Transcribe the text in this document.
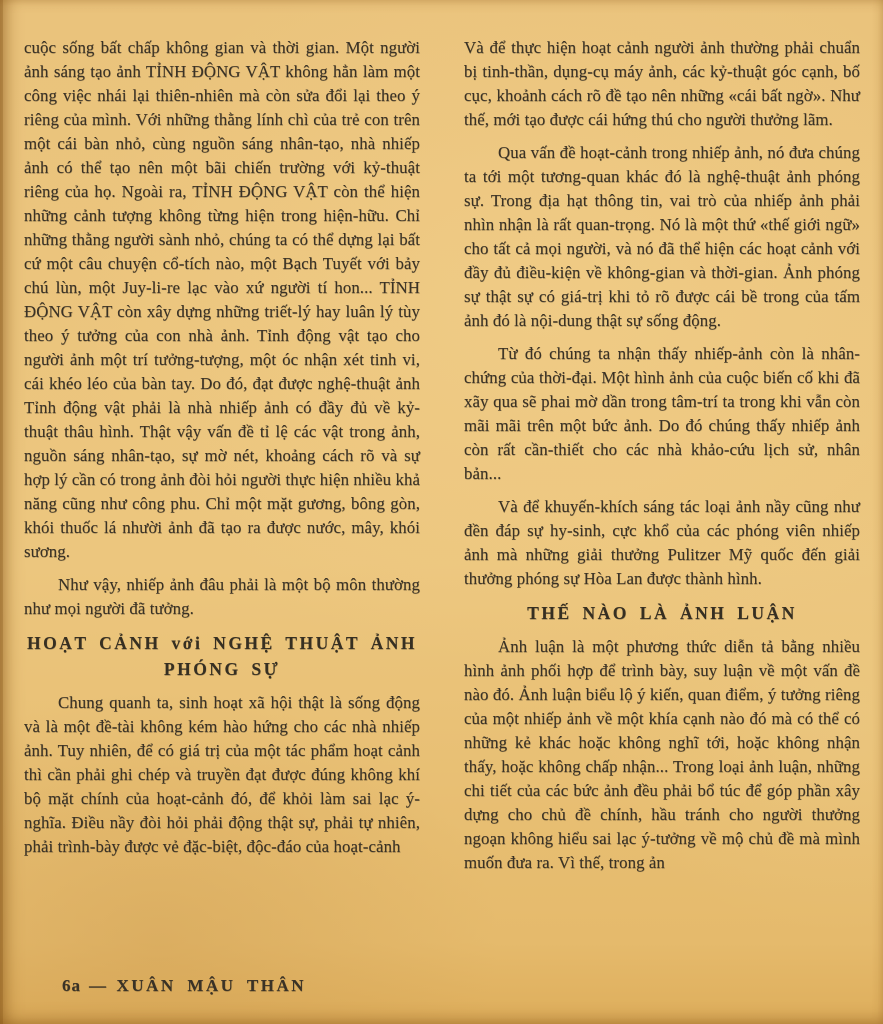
cuộc sống bất chấp không gian và thời gian. Một người ảnh sáng tạo ảnh TỈNH ĐỘNG VẬT không hẳn làm một công việc nhái lại thiên-nhiên mà còn sửa đổi lại theo ý riêng của mình. Với những thằng lính chì của trẻ con trên một cái bàn nhỏ, cùng nguồn sáng nhân-tạo, nhà nhiếp ảnh có thể tạo nên một bãi chiến trường với kỷ-thuật riêng của họ. Ngoài ra, TỈNH ĐỘNG VẬT còn thể hiện những cảnh tượng không từng hiện trong hiện-hữu. Chỉ những thằng người sành nhỏ, chúng ta có thể dựng lại bất cứ một câu chuyện cổ-tích nào, một Bạch Tuyết với bảy chú lùn, một Juy-li-re lạc vào xứ người tí hon... TỈNH ĐỘNG VẬT còn xây dựng những triết-lý hay luân lý tùy theo ý tưởng của con nhà ảnh. Tỉnh động vật tạo cho người ảnh một trí tưởng-tượng, một óc nhận xét tinh vi, cái khéo léo của bàn tay. Do đó, đạt được nghệ-thuật ảnh Tỉnh động vật phải là nhà nhiếp ảnh có đầy đủ về kỷ-thuật thâu hình. Thật vậy vấn đề tỉ lệ các vật trong ảnh, nguồn sáng nhân-tạo, sự mờ nét, khoảng cách rõ và sự hợp lý cần có trong ảnh đòi hỏi người thực hiện nhiều khả năng cũng như công phu. Chỉ một mặt gương, bông gòn, khói thuốc lá nhười ảnh đã tạo ra được nước, mây, khói sương.

Như vậy, nhiếp ảnh đâu phải là một bộ môn thường như mọi người đã tưởng.

HOẠT CẢNH với NGHỆ THUẬT ẢNH PHÓNG SỰ

Chung quanh ta, sinh hoạt xã hội thật là sống động và là một đề-tài không kém hào hứng cho các nhà nhiếp ảnh. Tuy nhiên, để có giá trị của một tác phẩm hoạt cảnh thì cần phải ghi chép và truyền đạt được đúng không khí bộ mặt chính của hoạt-cảnh đó, để khỏi làm sai lạc ý-nghĩa. Điều nầy đòi hỏi phải động thật sự, phải tự nhiên, phải trình-bày được vẻ đặc-biệt, độc-đáo của hoạt-cảnh

Và để thực hiện hoạt cảnh người ảnh thường phải chuẩn bị tinh-thần, dụng-cụ máy ảnh, các kỷ-thuật góc cạnh, bố cục, khoảnh cách rõ đề tạo nên những «cái bất ngờ». Như thế, mới tạo được cái hứng thú cho người thưởng lãm.

Qua vấn đề hoạt-cảnh trong nhiếp ảnh, nó đưa chúng ta tới một tương-quan khác đó là nghệ-thuật ảnh phóng sự. Trong địa hạt thông tin, vai trò của nhiếp ảnh phải nhìn nhận là rất quan-trọng. Nó là một thứ «thế giới ngữ» cho tất cả mọi người, và nó đã thể hiện các hoạt cảnh với đầy đủ điều-kiện về không-gian và thời-gian. Ảnh phóng sự thật sự có giá-trị khi tỏ rõ được cái bề trong của tấm ảnh đó là nội-dung thật sự sống động.

Từ đó chúng ta nhận thấy nhiếp-ảnh còn là nhân-chứng của thời-đại. Một hình ảnh của cuộc biến cố khi đã xãy qua sẽ phai mờ dần trong tâm-trí ta trong khi vẫn còn mãi mãi trên một bức ảnh. Do đó chúng thấy nhiếp ảnh còn rất cần-thiết cho các nhà khảo-cứu lịch sử, nhân bản...

Và để khuyến-khích sáng tác loại ảnh nầy cũng như đền đáp sự hy-sinh, cực khổ của các phóng viên nhiếp ảnh mà những giải thưởng Pulitzer Mỹ quốc đến giải thưởng phóng sự Hòa Lan được thành hình.

THẾ NÀO LÀ ẢNH LUẬN

Ảnh luận là một phương thức diễn tả bằng nhiều hình ảnh phối hợp để trình bày, suy luận về một vấn đề nào đó. Ảnh luận biểu lộ ý kiến, quan điểm, ý tưởng riêng của một nhiếp ảnh về một khía cạnh nào đó mà có thể có những kẻ khác hoặc không nghĩ tới, hoặc không nhận thấy, hoặc không chấp nhận... Trong loại ảnh luận, những chi tiết của các bức ảnh đều phải bổ túc để góp phần xây dựng cho chủ đề chính, hầu tránh cho người thưởng ngoạn không hiểu sai lạc ý-tưởng về mộ chủ đề mà mình muốn đưa ra. Vì thế, trong ản

6a — XUÂN MẬU THÂN
